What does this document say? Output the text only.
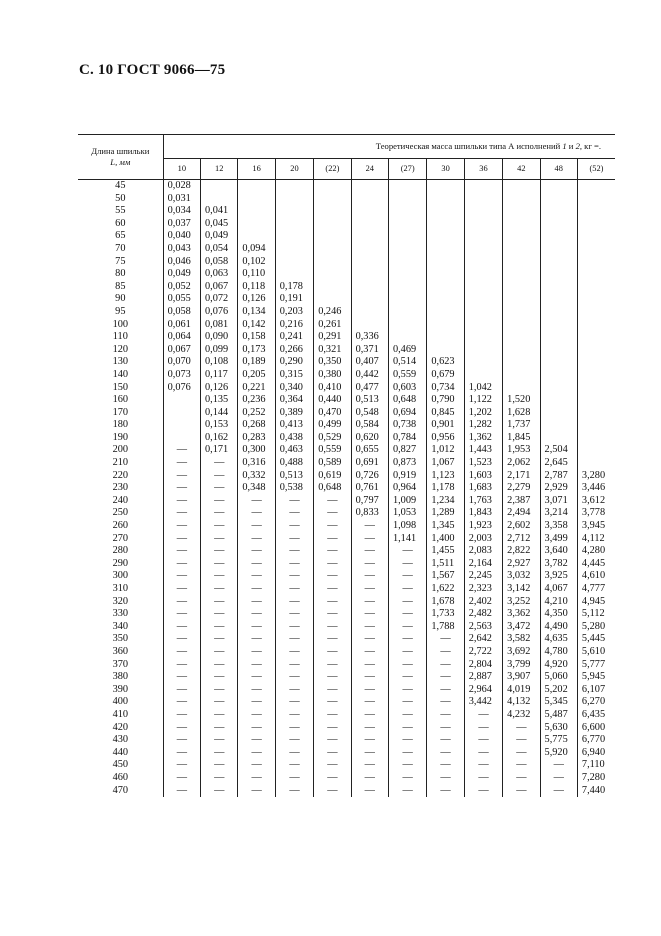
С. 10 ГОСТ 9066—75
Длина шпильки
L, мм	Теоретическая масса шпильки типа А исполнений 1 и 2, кг =.											
	10	12	16	20	(22)	24	(27)	30	36	42	48	(52)
45	0,028											
50	0,031											
55	0,034	0,041										
60	0,037	0,045										
65	0,040	0,049										
70	0,043	0,054	0,094									
75	0,046	0,058	0,102									
80	0,049	0,063	0,110									
85	0,052	0,067	0,118	0,178								
90	0,055	0,072	0,126	0,191								
95	0,058	0,076	0,134	0,203	0,246							
100	0,061	0,081	0,142	0,216	0,261							
110	0,064	0,090	0,158	0,241	0,291	0,336						
120	0,067	0,099	0,173	0,266	0,321	0,371	0,469					
130	0,070	0,108	0,189	0,290	0,350	0,407	0,514	0,623				
140	0,073	0,117	0,205	0,315	0,380	0,442	0,559	0,679				
150	0,076	0,126	0,221	0,340	0,410	0,477	0,603	0,734	1,042			
160		0,135	0,236	0,364	0,440	0,513	0,648	0,790	1,122	1,520		
170		0,144	0,252	0,389	0,470	0,548	0,694	0,845	1,202	1,628		
180		0,153	0,268	0,413	0,499	0,584	0,738	0,901	1,282	1,737		
190		0,162	0,283	0,438	0,529	0,620	0,784	0,956	1,362	1,845		
200	—	0,171	0,300	0,463	0,559	0,655	0,827	1,012	1,443	1,953	2,504	
210	—	—	0,316	0,488	0,589	0,691	0,873	1,067	1,523	2,062	2,645	
220	—	—	0,332	0,513	0,619	0,726	0,919	1,123	1,603	2,171	2,787	3,280
230	—	—	0,348	0,538	0,648	0,761	0,964	1,178	1,683	2,279	2,929	3,446
240	—	—	—	—	—	0,797	1,009	1,234	1,763	2,387	3,071	3,612
250	—	—	—	—	—	0,833	1,053	1,289	1,843	2,494	3,214	3,778
260	—	—	—	—	—	—	1,098	1,345	1,923	2,602	3,358	3,945
270	—	—	—	—	—	—	1,141	1,400	2,003	2,712	3,499	4,112
280	—	—	—	—	—	—	—	1,455	2,083	2,822	3,640	4,280
290	—	—	—	—	—	—	—	1,511	2,164	2,927	3,782	4,445
300	—	—	—	—	—	—	—	1,567	2,245	3,032	3,925	4,610
310	—	—	—	—	—	—	—	1,622	2,323	3,142	4,067	4,777
320	—	—	—	—	—	—	—	1,678	2,402	3,252	4,210	4,945
330	—	—	—	—	—	—	—	1,733	2,482	3,362	4,350	5,112
340	—	—	—	—	—	—	—	1,788	2,563	3,472	4,490	5,280
350	—	—	—	—	—	—	—	—	2,642	3,582	4,635	5,445
360	—	—	—	—	—	—	—	—	2,722	3,692	4,780	5,610
370	—	—	—	—	—	—	—	—	2,804	3,799	4,920	5,777
380	—	—	—	—	—	—	—	—	2,887	3,907	5,060	5,945
390	—	—	—	—	—	—	—	—	2,964	4,019	5,202	6,107
400	—	—	—	—	—	—	—	—	3,442	4,132	5,345	6,270
410	—	—	—	—	—	—	—	—	—	4,232	5,487	6,435
420	—	—	—	—	—	—	—	—	—	—	5,630	6,600
430	—	—	—	—	—	—	—	—	—	—	5,775	6,770
440	—	—	—	—	—	—	—	—	—	—	5,920	6,940
450	—	—	—	—	—	—	—	—	—	—	—	7,110
460	—	—	—	—	—	—	—	—	—	—	—	7,280
470	—	—	—	—	—	—	—	—	—	—	—	7,440
